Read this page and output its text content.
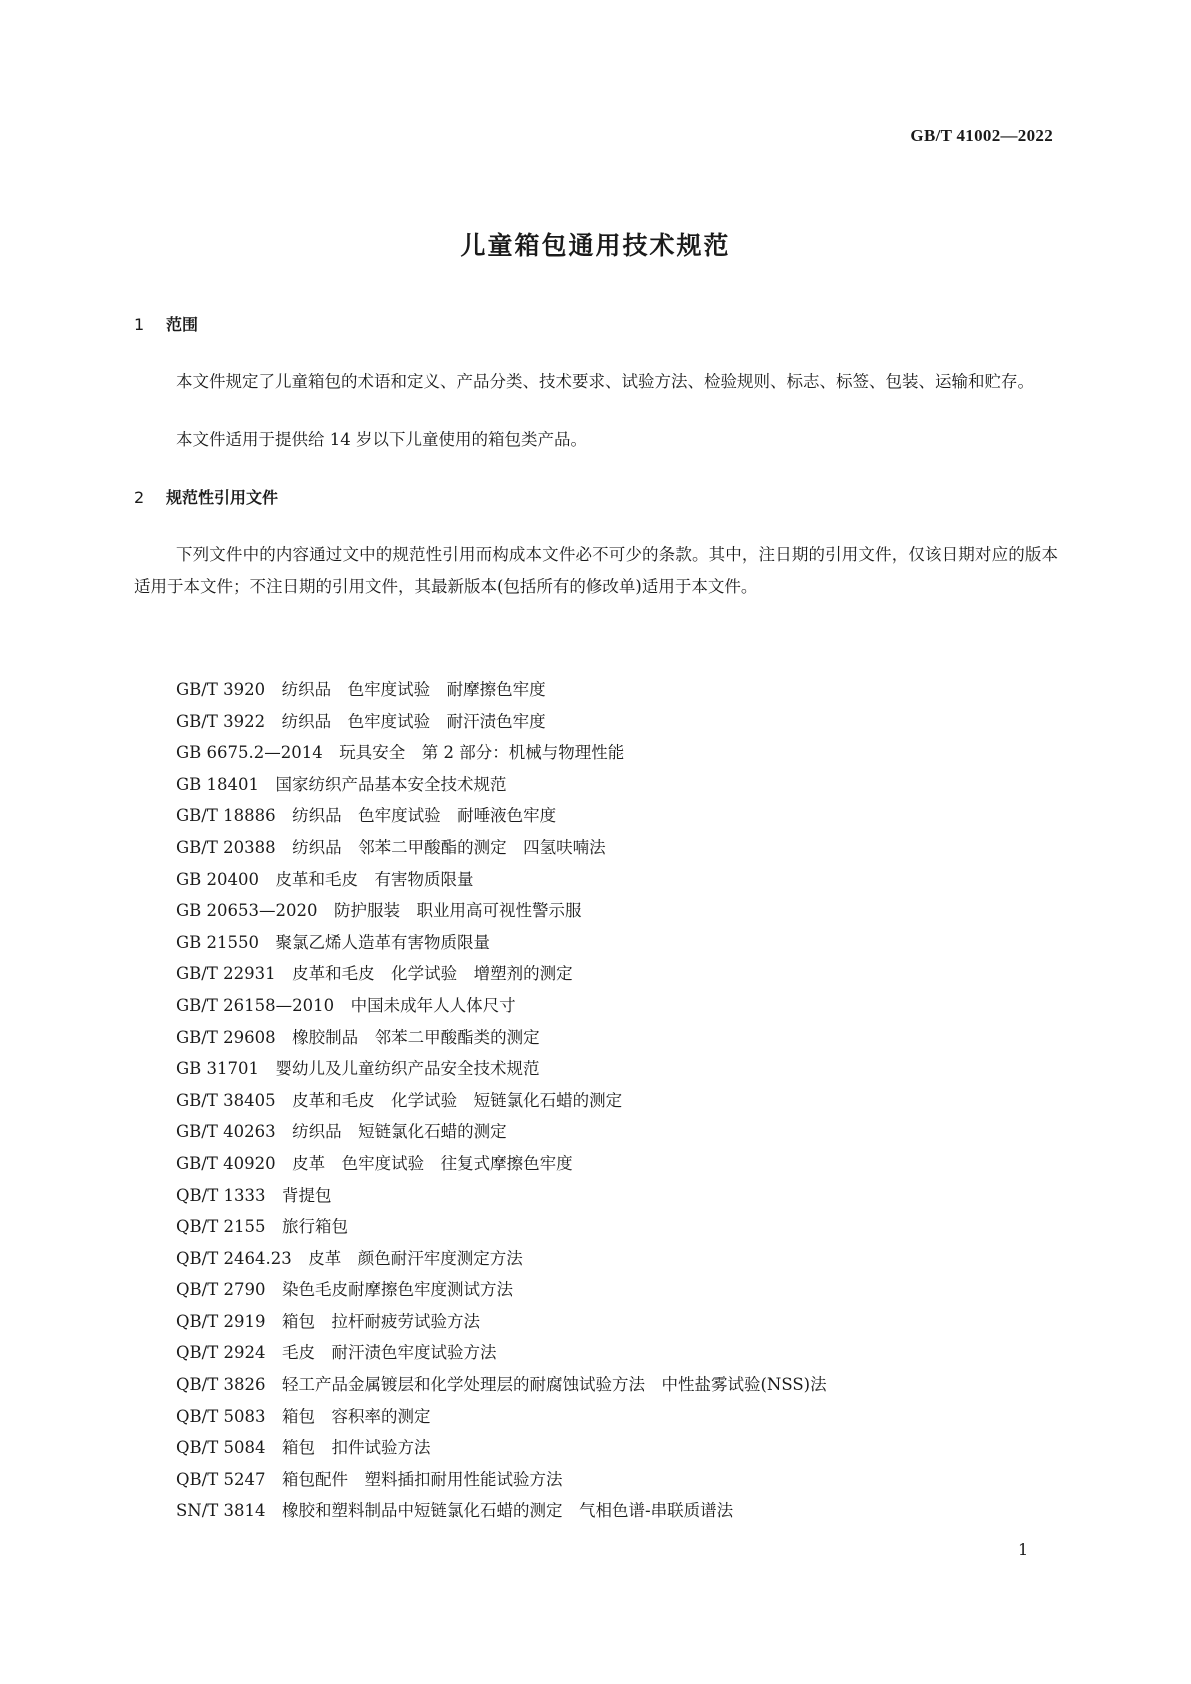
GB/T 41002—2022
儿童箱包通用技术规范
1 范围

本文件规定了儿童箱包的术语和定义、产品分类、技术要求、试验方法、检验规则、标志、标签、包装、运输和贮存。

本文件适用于提供给 14 岁以下儿童使用的箱包类产品。

2 规范性引用文件

下列文件中的内容通过文中的规范性引用而构成本文件必不可少的条款。其中，注日期的引用文件，仅该日期对应的版本适用于本文件；不注日期的引用文件，其最新版本(包括所有的修改单)适用于本文件。

GB/T 3920　纺织品　色牢度试验　耐摩擦色牢度
GB/T 3922　纺织品　色牢度试验　耐汗渍色牢度
GB 6675.2—2014　玩具安全　第 2 部分：机械与物理性能
GB 18401　国家纺织产品基本安全技术规范
GB/T 18886　纺织品　色牢度试验　耐唾液色牢度
GB/T 20388　纺织品　邻苯二甲酸酯的测定　四氢呋喃法
GB 20400　皮革和毛皮　有害物质限量
GB 20653—2020　防护服装　职业用高可视性警示服
GB 21550　聚氯乙烯人造革有害物质限量
GB/T 22931　皮革和毛皮　化学试验　增塑剂的测定
GB/T 26158—2010　中国未成年人人体尺寸
GB/T 29608　橡胶制品　邻苯二甲酸酯类的测定
GB 31701　婴幼儿及儿童纺织产品安全技术规范
GB/T 38405　皮革和毛皮　化学试验　短链氯化石蜡的测定
GB/T 40263　纺织品　短链氯化石蜡的测定
GB/T 40920　皮革　色牢度试验　往复式摩擦色牢度
QB/T 1333　背提包
QB/T 2155　旅行箱包
QB/T 2464.23　皮革　颜色耐汗牢度测定方法
QB/T 2790　染色毛皮耐摩擦色牢度测试方法
QB/T 2919　箱包　拉杆耐疲劳试验方法
QB/T 2924　毛皮　耐汗渍色牢度试验方法
QB/T 3826　轻工产品金属镀层和化学处理层的耐腐蚀试验方法　中性盐雾试验(NSS)法
QB/T 5083　箱包　容积率的测定
QB/T 5084　箱包　扣件试验方法
QB/T 5247　箱包配件　塑料插扣耐用性能试验方法
SN/T 3814　橡胶和塑料制品中短链氯化石蜡的测定　气相色谱-串联质谱法
1
